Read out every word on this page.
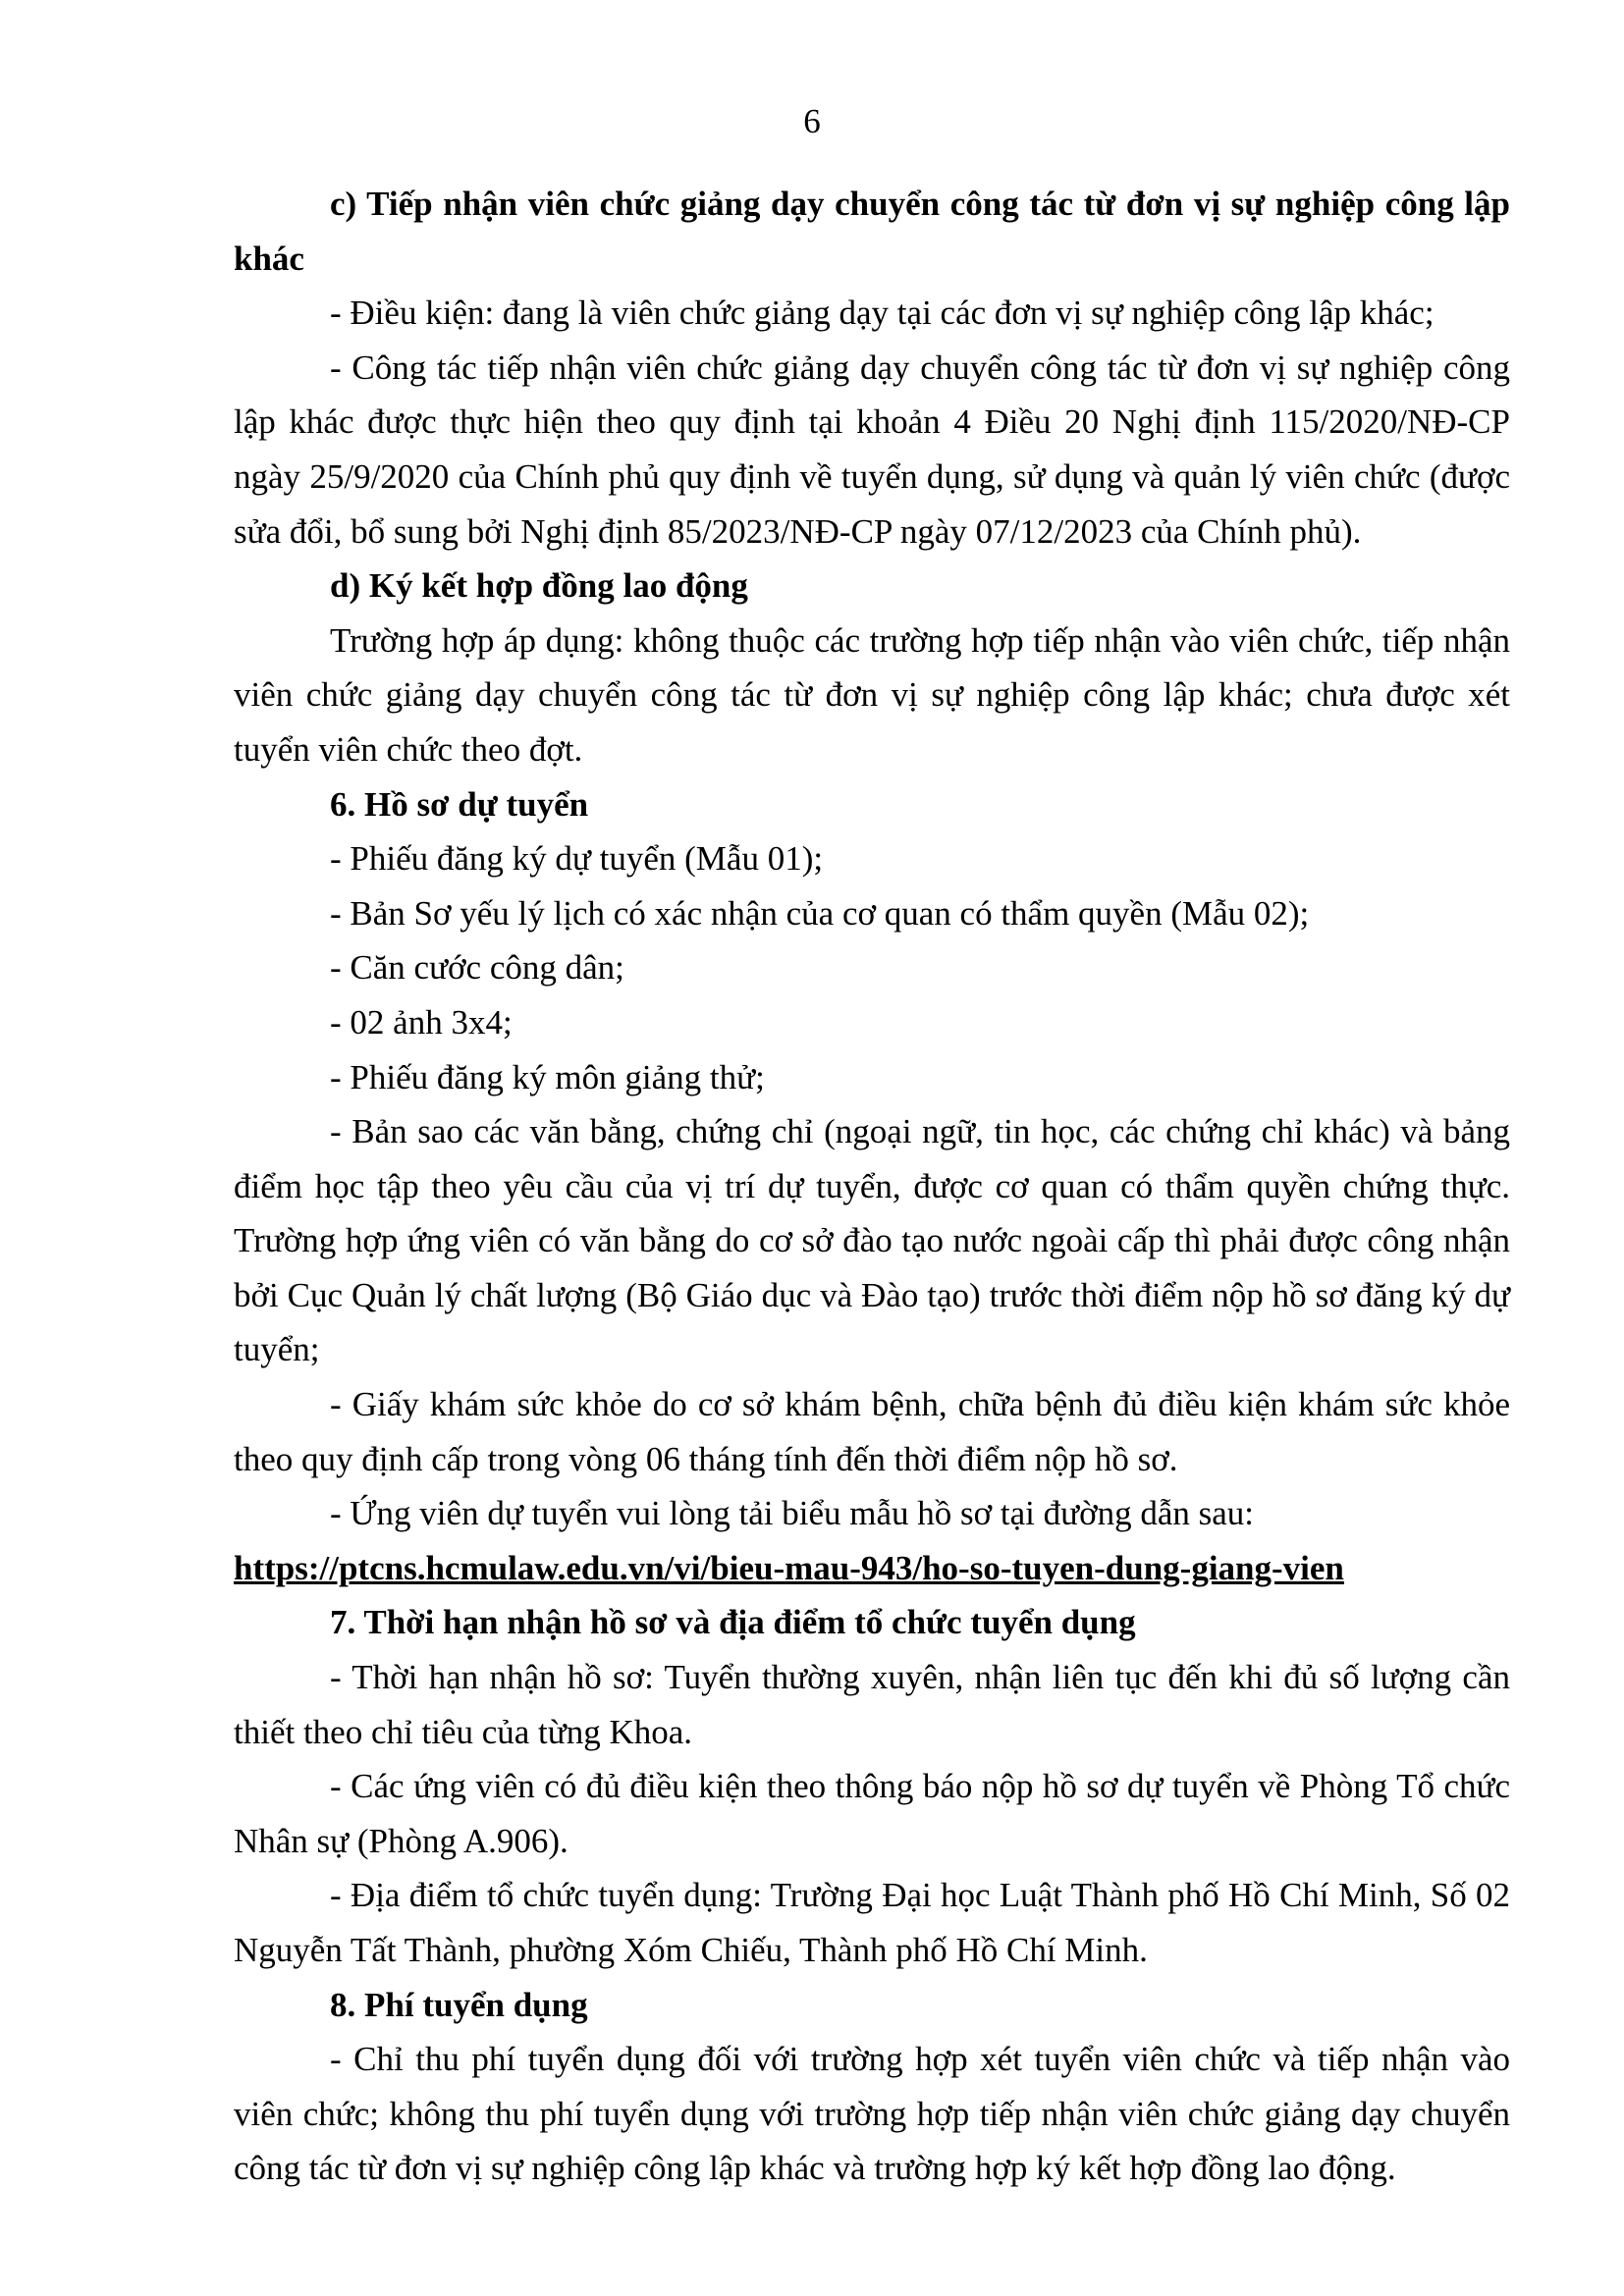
6

c) Tiếp nhận viên chức giảng dạy chuyển công tác từ đơn vị sự nghiệp công lập khác

- Điều kiện: đang là viên chức giảng dạy tại các đơn vị sự nghiệp công lập khác;

- Công tác tiếp nhận viên chức giảng dạy chuyển công tác từ đơn vị sự nghiệp công lập khác được thực hiện theo quy định tại khoản 4 Điều 20 Nghị định 115/2020/NĐ-CP ngày 25/9/2020 của Chính phủ quy định về tuyển dụng, sử dụng và quản lý viên chức (được sửa đổi, bổ sung bởi Nghị định 85/2023/NĐ-CP ngày 07/12/2023 của Chính phủ).

d) Ký kết hợp đồng lao động

Trường hợp áp dụng: không thuộc các trường hợp tiếp nhận vào viên chức, tiếp nhận viên chức giảng dạy chuyển công tác từ đơn vị sự nghiệp công lập khác; chưa được xét tuyển viên chức theo đợt.

6. Hồ sơ dự tuyển

- Phiếu đăng ký dự tuyển (Mẫu 01);

- Bản Sơ yếu lý lịch có xác nhận của cơ quan có thẩm quyền (Mẫu 02);

- Căn cước công dân;

- 02 ảnh 3x4;

- Phiếu đăng ký môn giảng thử;

- Bản sao các văn bằng, chứng chỉ (ngoại ngữ, tin học, các chứng chỉ khác) và bảng điểm học tập theo yêu cầu của vị trí dự tuyển, được cơ quan có thẩm quyền chứng thực. Trường hợp ứng viên có văn bằng do cơ sở đào tạo nước ngoài cấp thì phải được công nhận bởi Cục Quản lý chất lượng (Bộ Giáo dục và Đào tạo) trước thời điểm nộp hồ sơ đăng ký dự tuyển;

- Giấy khám sức khỏe do cơ sở khám bệnh, chữa bệnh đủ điều kiện khám sức khỏe theo quy định cấp trong vòng 06 tháng tính đến thời điểm nộp hồ sơ.

- Ứng viên dự tuyển vui lòng tải biểu mẫu hồ sơ tại đường dẫn sau:

https://ptcns.hcmulaw.edu.vn/vi/bieu-mau-943/ho-so-tuyen-dung-giang-vien

7. Thời hạn nhận hồ sơ và địa điểm tổ chức tuyển dụng

- Thời hạn nhận hồ sơ: Tuyển thường xuyên, nhận liên tục đến khi đủ số lượng cần thiết theo chỉ tiêu của từng Khoa.

- Các ứng viên có đủ điều kiện theo thông báo nộp hồ sơ dự tuyển về Phòng Tổ chức Nhân sự (Phòng A.906).

- Địa điểm tổ chức tuyển dụng: Trường Đại học Luật Thành phố Hồ Chí Minh, Số 02 Nguyễn Tất Thành, phường Xóm Chiếu, Thành phố Hồ Chí Minh.

8. Phí tuyển dụng

- Chỉ thu phí tuyển dụng đối với trường hợp xét tuyển viên chức và tiếp nhận vào viên chức; không thu phí tuyển dụng với trường hợp tiếp nhận viên chức giảng dạy chuyển công tác từ đơn vị sự nghiệp công lập khác và trường hợp ký kết hợp đồng lao động.
